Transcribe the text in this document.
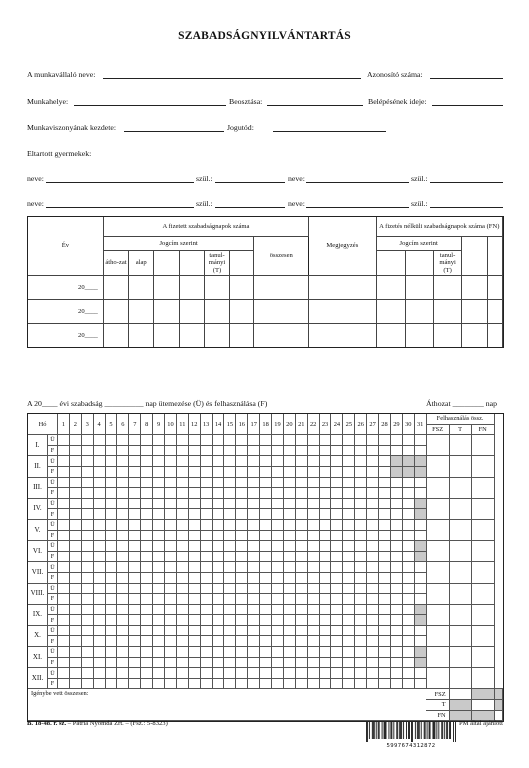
SZABADSÁGNYILVÁNTARTÁS
A munkavállaló neve:	Azonosító száma:
Munkahelye:	Beosztása:	Belépésének ideje:
Munkaviszonyának kezdete:	Jogutód:
Eltartott gyermekek:
neve:	szül.:	neve:	szül.:
neve:	szül.:	neve:	szül.:
Év	A fizetett szabadságnapok száma							Megjegyzés	A fizetés nélküli szabadságnapok száma (FN)				
	Jogcím szerint						összesen		Jogcím szerint				
	átho-zat	alap			tanul-mányi (T)						tanul-mányi (T)		
20____													
20____													
20____													
A 20____ évi szabadság __________ nap ütemezése (Ü) és felhasználása (F)	Áthozat ________ nap
Hó		1	2	3	4	5	6	7	8	9	10	11	12	13	14	15	16	17	18	19	20	21	22	23	24	25	26	27	28	29	30	31	Felhasználás össz.			
																																	FSZ	T	FN	
I.	Ü																																			
	F																																			
II.	Ü																																			
	F																																			
III.	Ü																																			
	F																																			
IV.	Ü																																			
	F																																			
V.	Ü																																			
	F																																			
VI.	Ü																																			
	F																																			
VII.	Ü																																			
	F																																			
VIII.	Ü																																			
	F																																			
IX.	Ü																																			
	F																																			
X.	Ü																																			
	F																																			
XI.	Ü																																			
	F																																			
XII.	Ü																																			
	F																																			
Igénybe vett összesen:																																	FSZ			
																																	T			
																																	FN			
B. 18-48. r. sz. – Pátria Nyomda Zrt. – (Fsz.: 5-8323)	PM által ajánlott
5997674312872
